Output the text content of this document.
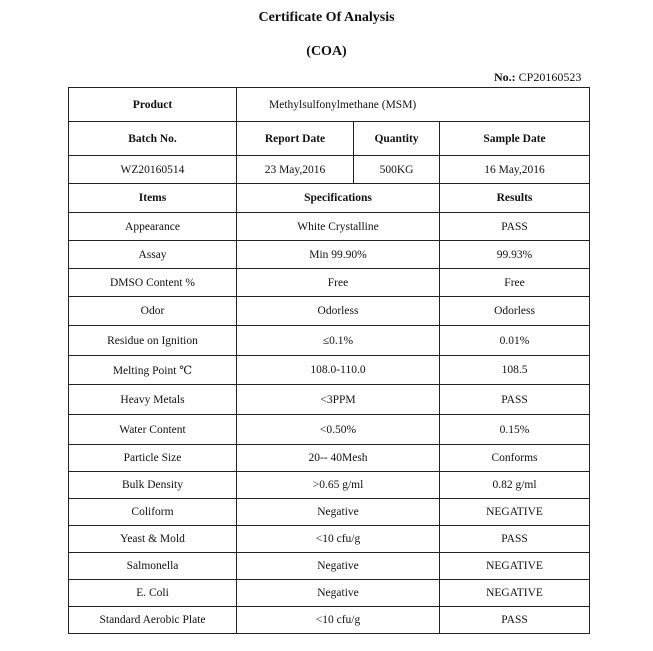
Certificate Of Analysis
(COA)
No.: CP20160523
Product	Methylsulfonylmethane (MSM)		
Batch No.	Report Date	Quantity	Sample Date
WZ20160514	23 May,2016	500KG	16 May,2016
Items	Specifications		Results
Appearance	White Crystalline		PASS
Assay	Min 99.90%		99.93%
DMSO Content %	Free		Free
Odor	Odorless		Odorless
Residue on Ignition	≤0.1%		0.01%
Melting Point ℃	108.0-110.0		108.5
Heavy Metals	<3PPM		PASS
Water Content	<0.50%		0.15%
Particle Size	20-- 40Mesh		Conforms
Bulk Density	>0.65 g/ml		0.82 g/ml
Coliform	Negative		NEGATIVE
Yeast & Mold	<10 cfu/g		PASS
Salmonella	Negative		NEGATIVE
E. Coli	Negative		NEGATIVE
Standard Aerobic Plate	<10 cfu/g		PASS
